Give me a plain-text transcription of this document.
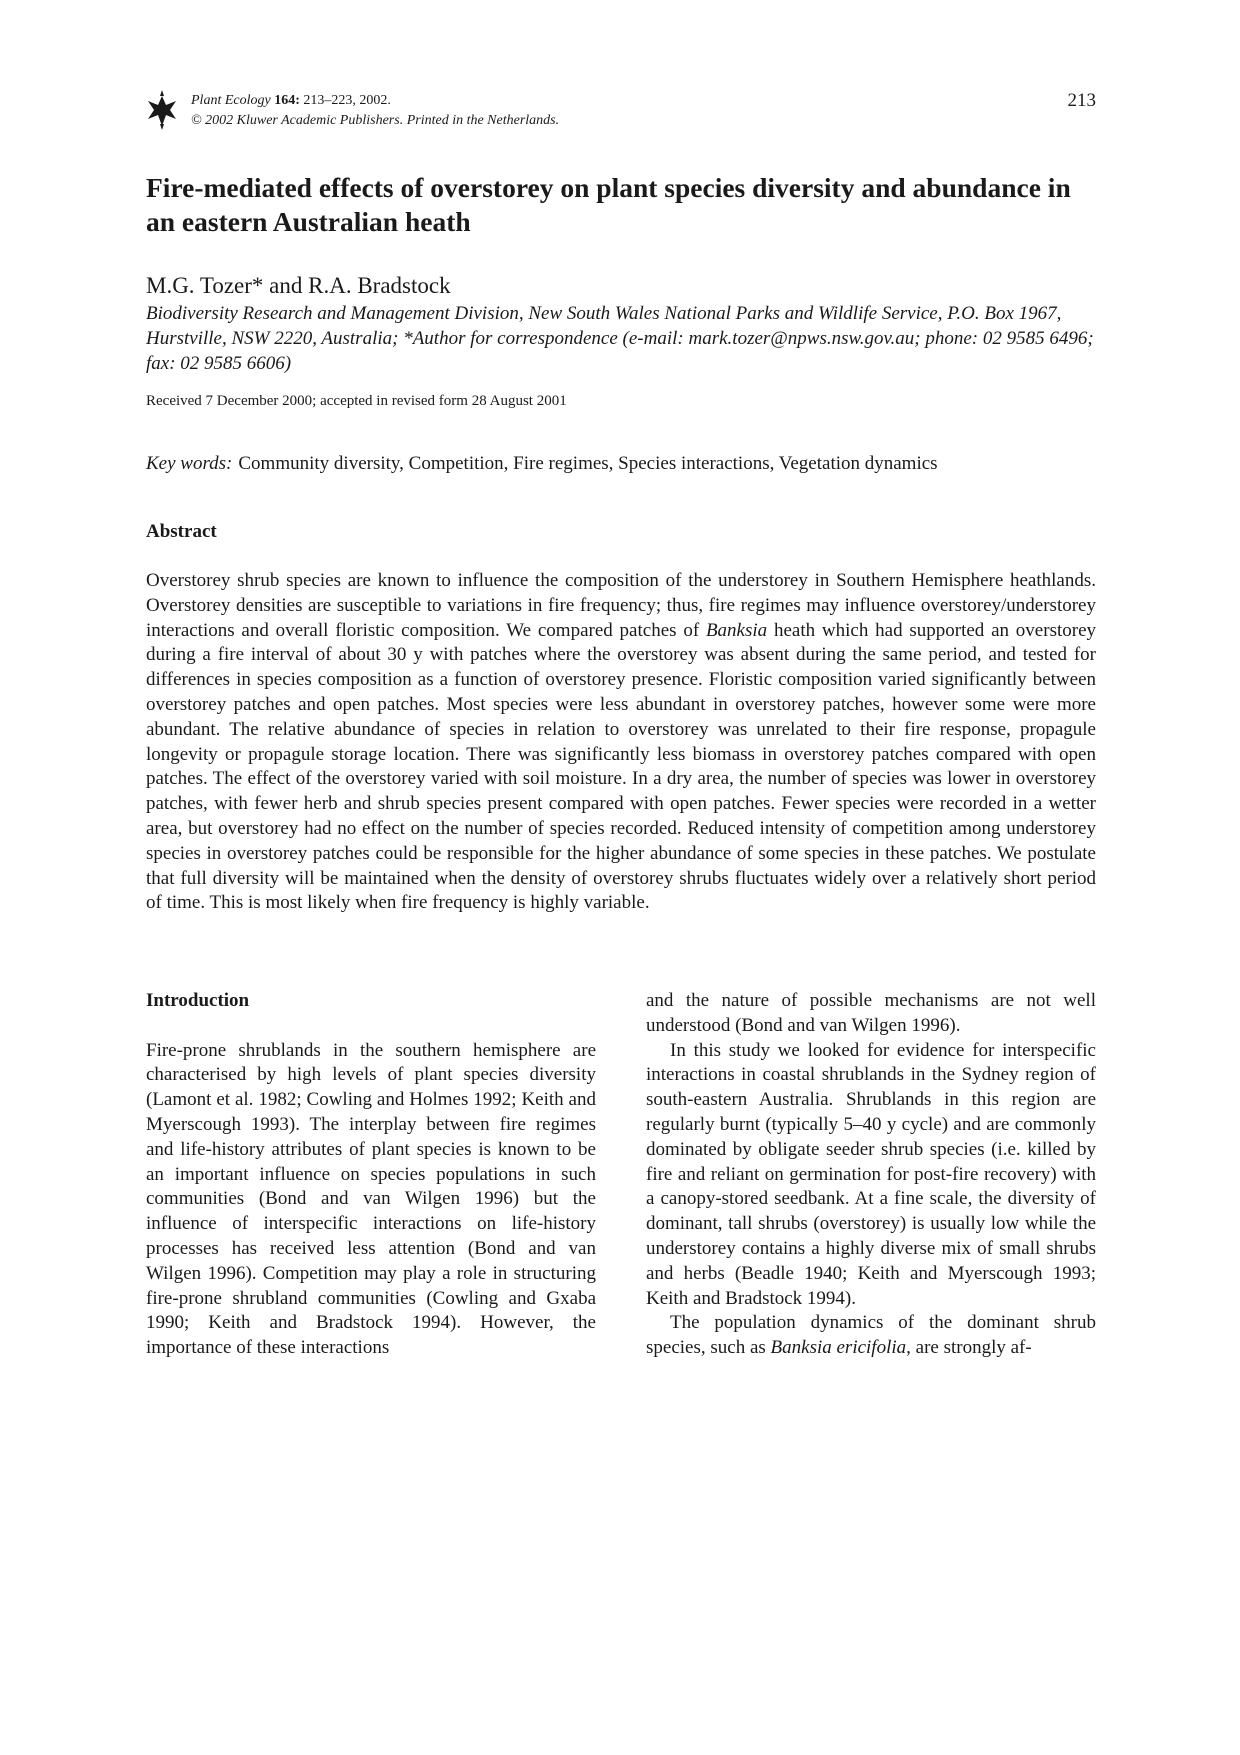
Plant Ecology 164: 213–223, 2002.
© 2002 Kluwer Academic Publishers. Printed in the Netherlands.
213
Fire-mediated effects of overstorey on plant species diversity and abundance in an eastern Australian heath
M.G. Tozer* and R.A. Bradstock
Biodiversity Research and Management Division, New South Wales National Parks and Wildlife Service, P.O. Box 1967, Hurstville, NSW 2220, Australia; *Author for correspondence (e-mail: mark.tozer@npws.nsw.gov.au; phone: 02 9585 6496; fax: 02 9585 6606)
Received 7 December 2000; accepted in revised form 28 August 2001
Key words: Community diversity, Competition, Fire regimes, Species interactions, Vegetation dynamics
Abstract

Overstorey shrub species are known to influence the composition of the understorey in Southern Hemisphere heathlands. Overstorey densities are susceptible to variations in fire frequency; thus, fire regimes may influence overstorey/understorey interactions and overall floristic composition. We compared patches of Banksia heath which had supported an overstorey during a fire interval of about 30 y with patches where the overstorey was absent during the same period, and tested for differences in species composition as a function of overstorey presence. Floristic composition varied significantly between overstorey patches and open patches. Most species were less abundant in overstorey patches, however some were more abundant. The relative abundance of species in relation to overstorey was unrelated to their fire response, propagule longevity or propagule storage location. There was significantly less biomass in overstorey patches compared with open patches. The effect of the overstorey varied with soil moisture. In a dry area, the number of species was lower in overstorey patches, with fewer herb and shrub species present compared with open patches. Fewer species were recorded in a wetter area, but overstorey had no effect on the number of species recorded. Reduced intensity of competition among understorey species in overstorey patches could be responsible for the higher abundance of some species in these patches. We postulate that full diversity will be maintained when the density of overstorey shrubs fluctuates widely over a relatively short period of time. This is most likely when fire frequency is highly variable.

Introduction

Fire-prone shrublands in the southern hemisphere are characterised by high levels of plant species diversity (Lamont et al. 1982; Cowling and Holmes 1992; Keith and Myerscough 1993). The interplay between fire regimes and life-history attributes of plant species is known to be an important influence on species populations in such communities (Bond and van Wilgen 1996) but the influence of interspecific interactions on life-history processes has received less attention (Bond and van Wilgen 1996). Competition may play a role in structuring fire-prone shrubland communities (Cowling and Gxaba 1990; Keith and Bradstock 1994). However, the importance of these interactions

and the nature of possible mechanisms are not well understood (Bond and van Wilgen 1996).

In this study we looked for evidence for interspecific interactions in coastal shrublands in the Sydney region of south-eastern Australia. Shrublands in this region are regularly burnt (typically 5–40 y cycle) and are commonly dominated by obligate seeder shrub species (i.e. killed by fire and reliant on germination for post-fire recovery) with a canopy-stored seedbank. At a fine scale, the diversity of dominant, tall shrubs (overstorey) is usually low while the understorey contains a highly diverse mix of small shrubs and herbs (Beadle 1940; Keith and Myerscough 1993; Keith and Bradstock 1994).

The population dynamics of the dominant shrub species, such as Banksia ericifolia, are strongly af-
